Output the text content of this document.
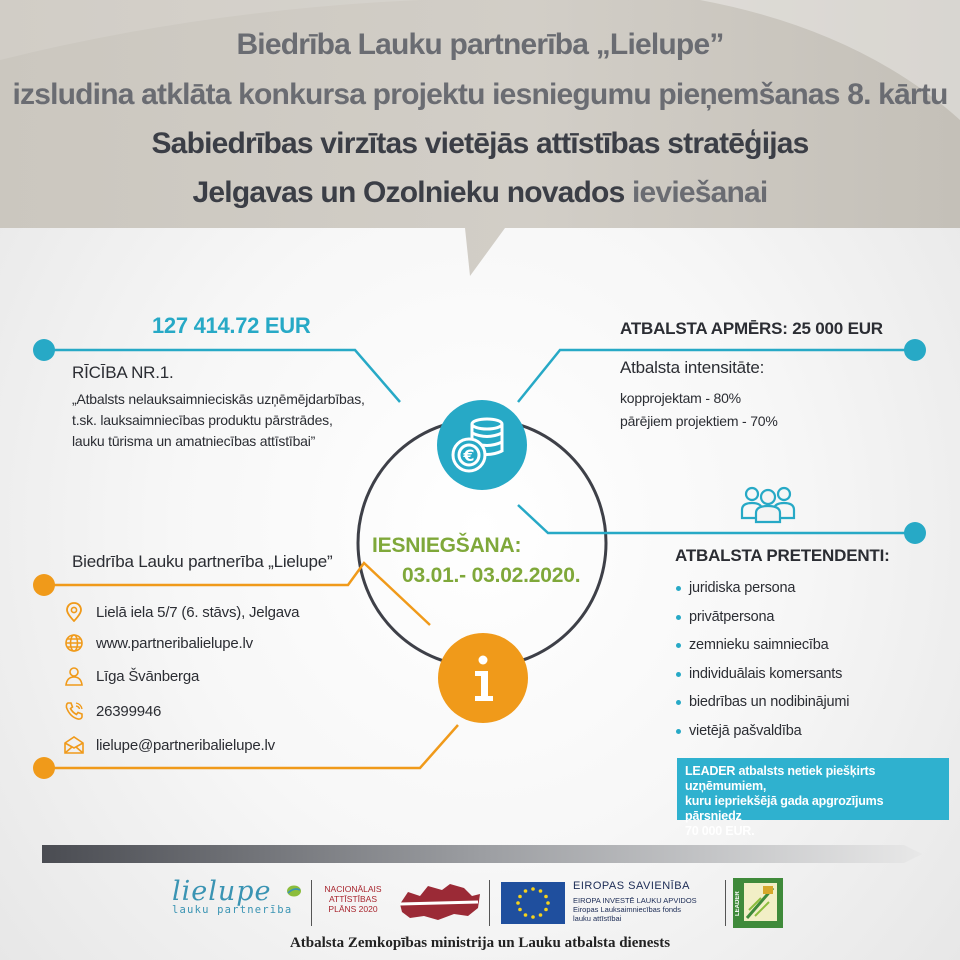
Biedrība Lauku partnerība „Lielupe”
izsludina atklāta konkursa projektu iesniegumu pieņemšanas 8. kārtu
Sabiedrības virzītas vietējās attīstības stratēģijas
Jelgavas un Ozolnieku novados ieviešanai
€
127 414.72 EUR
RĪCĪBA NR.1.
„Atbalsts nelauksaimnieciskās uzņēmējdarbības,
t.sk. lauksaimniecības produktu pārstrādes,
lauku tūrisma un amatniecības attīstībai”
ATBALSTA APMĒRS: 25 000 EUR
Atbalsta intensitāte:
kopprojektam - 80%
pārējiem projektiem - 70%
IESNIEGŠANA:
03.01.- 03.02.2020.
ATBALSTA PRETENDENTI:
juridiska persona
privātpersona
zemnieku saimniecība
individuālais komersants
biedrības un nodibinājumi
vietējā pašvaldība
LEADER atbalsts netiek piešķirts uzņēmumiem,
kuru iepriekšējā gada apgrozījums pārsniedz
70 000 EUR.
Biedrība Lauku partnerība „Lielupe”
Lielā iela 5/7 (6. stāvs), Jelgava
www.partneribalielupe.lv
Līga Švānberga
26399946
lielupe@partneribalielupe.lv
lielupe
lauku partnerība
NACIONĀLAIS
ATTĪSTĪBAS
PLĀNS 2020
EIROPAS SAVIENĪBA
EIROPA INVESTĒ LAUKU APVIDOS
Eiropas Lauksaimniecības fonds
lauku attīstībai
LEADER
Atbalsta Zemkopības ministrija un Lauku atbalsta dienests
